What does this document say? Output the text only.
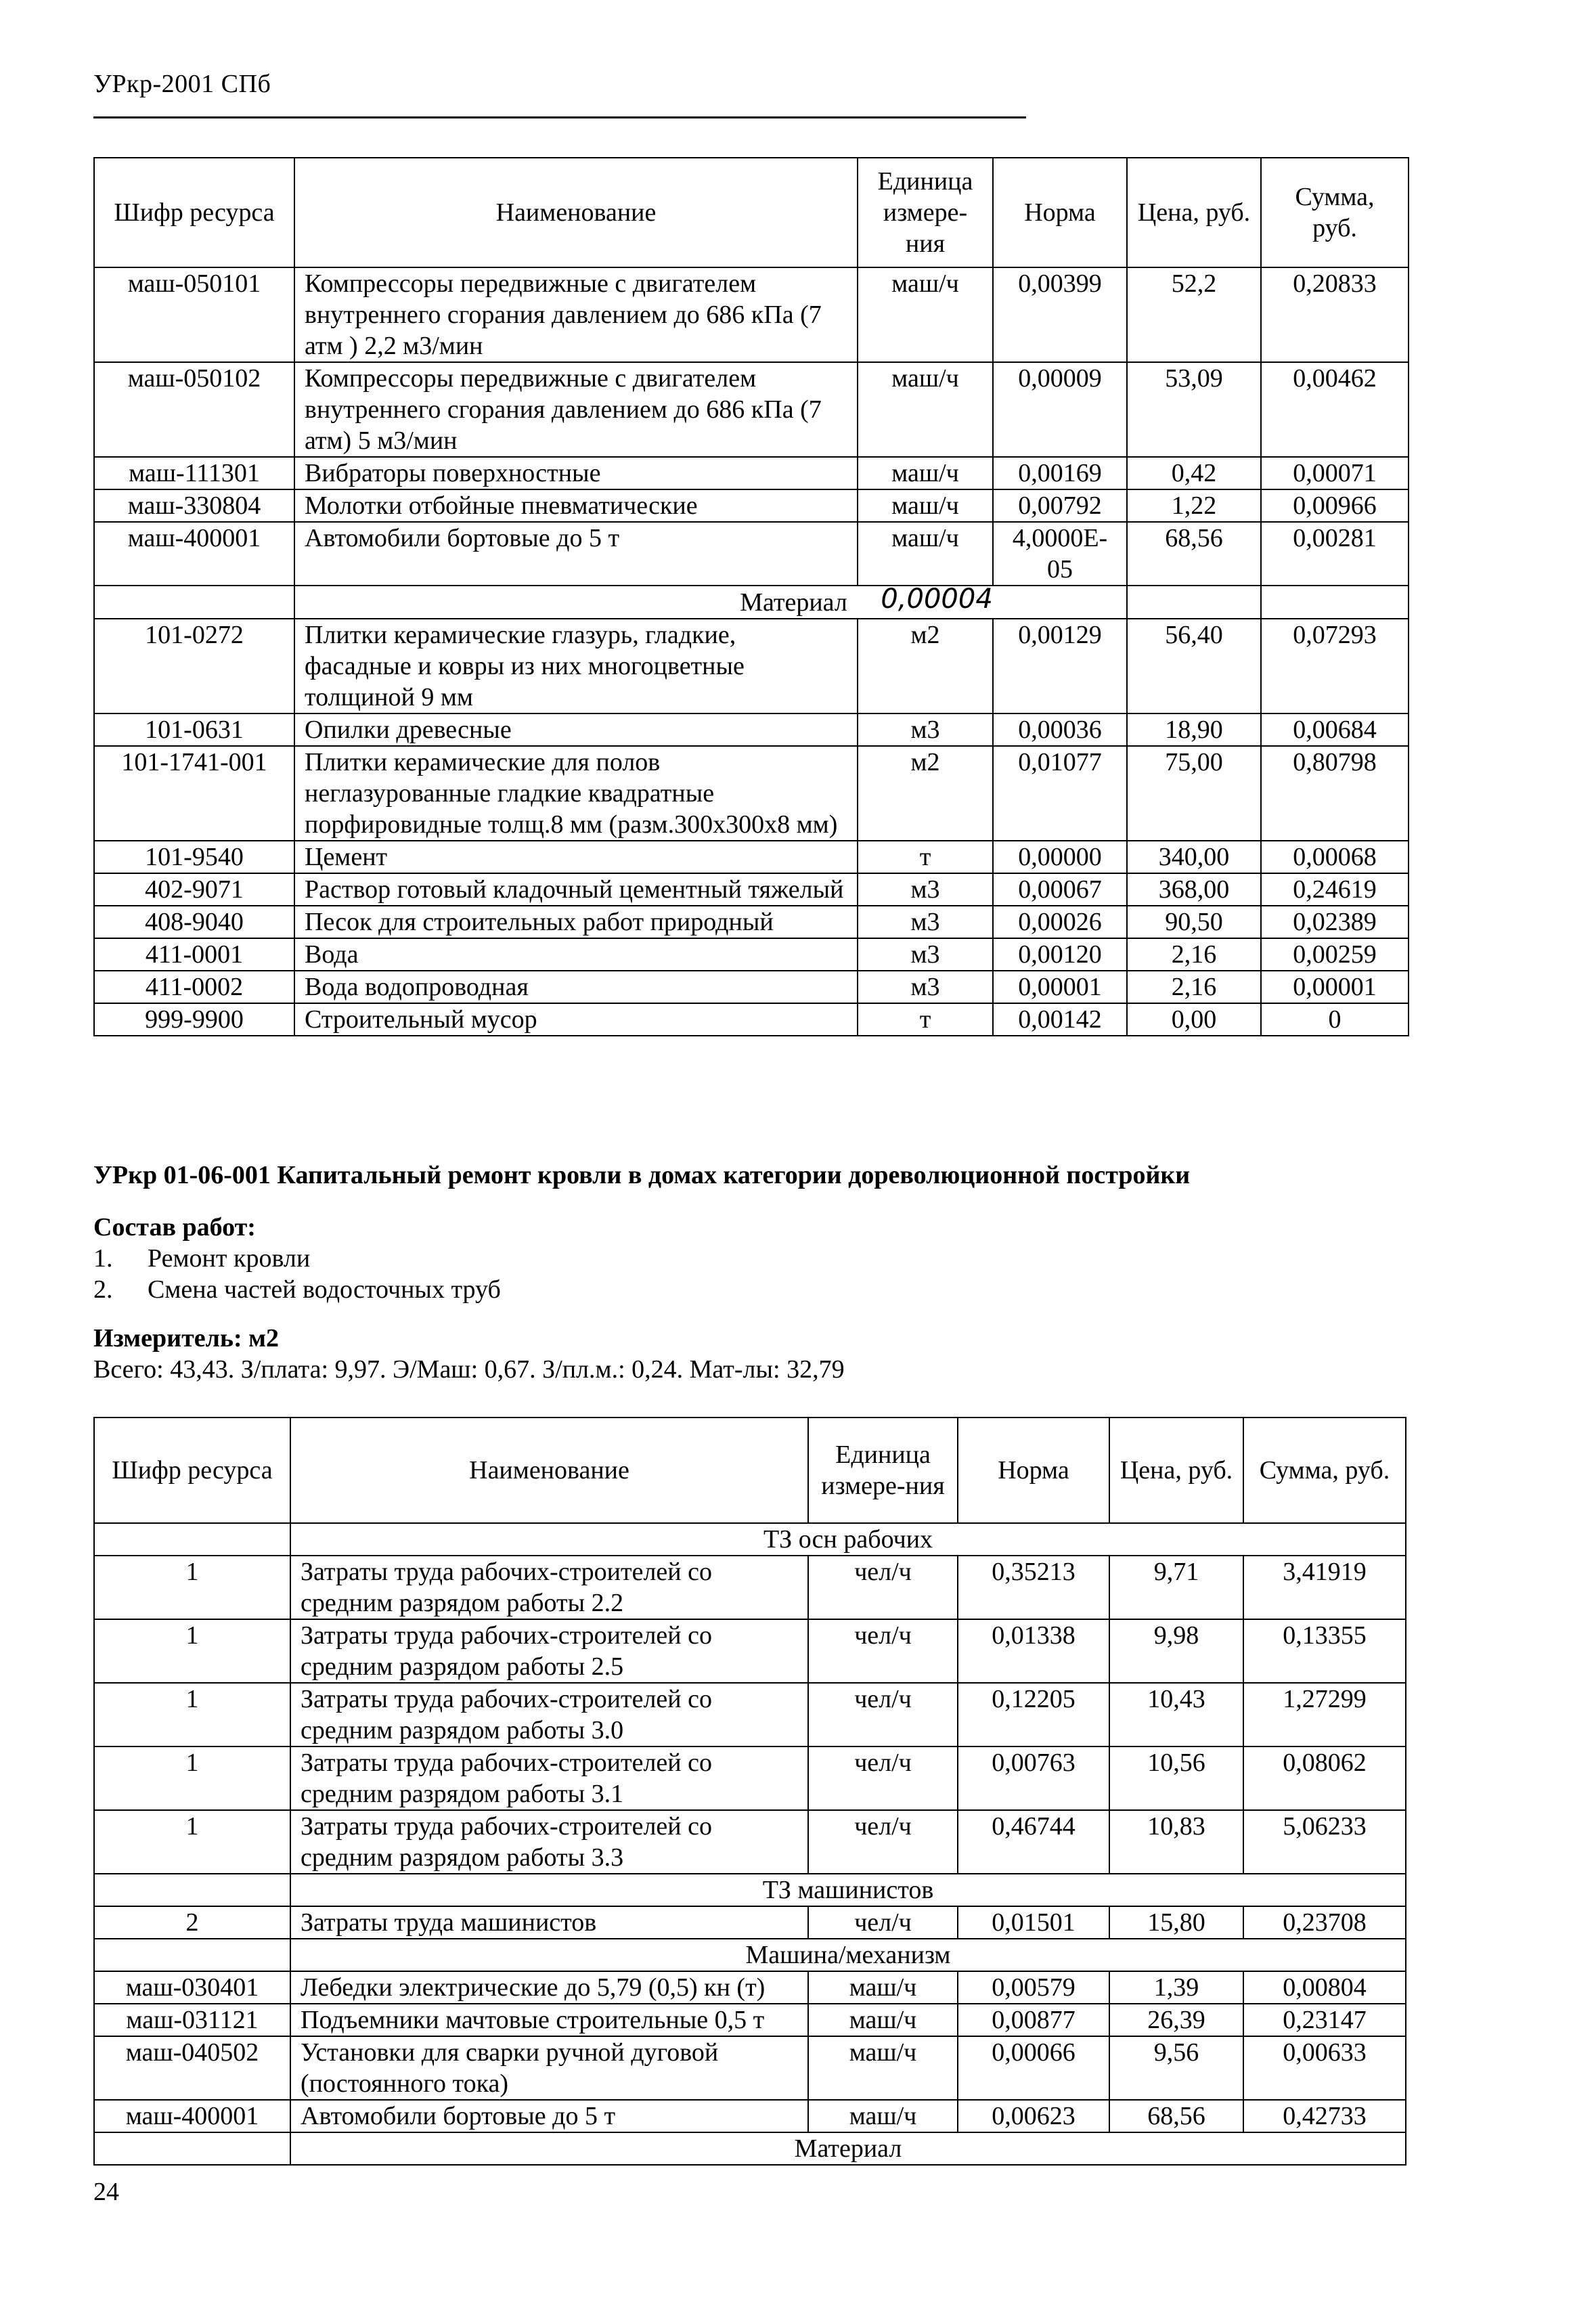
УРкр-2001 СПб
Шифр ресурса	Наименование	Единица измере-ния	Норма	Цена, руб.	Сумма, руб.
маш-050101	Компрессоры передвижные с двигателем внутреннего сгорания давлением до 686 кПа (7 атм ) 2,2 м3/мин	маш/ч	0,00399	52,2	0,20833
маш-050102	Компрессоры передвижные с двигателем внутреннего сгорания давлением до 686 кПа (7 атм) 5 м3/мин	маш/ч	0,00009	53,09	0,00462
маш-111301	Вибраторы поверхностные	маш/ч	0,00169	0,42	0,00071
маш-330804	Молотки отбойные пневматические	маш/ч	0,00792	1,22	0,00966
маш-400001	Автомобили бортовые до 5 т	маш/ч	4,0000E-05	68,56	0,00281
	Материал 0,00004				
101-0272	Плитки керамические глазурь, гладкие, фасадные и ковры из них многоцветные толщиной 9 мм	м2	0,00129	56,40	0,07293
101-0631	Опилки древесные	м3	0,00036	18,90	0,00684
101-1741-001	Плитки керамические для полов неглазурованные гладкие квадратные порфировидные толщ.8 мм (разм.300х300х8 мм)	м2	0,01077	75,00	0,80798
101-9540	Цемент	т	0,00000	340,00	0,00068
402-9071	Раствор готовый кладочный цементный тяжелый	м3	0,00067	368,00	0,24619
408-9040	Песок для строительных работ природный	м3	0,00026	90,50	0,02389
411-0001	Вода	м3	0,00120	2,16	0,00259
411-0002	Вода водопроводная	м3	0,00001	2,16	0,00001
999-9900	Строительный мусор	т	0,00142	0,00	0
УРкр 01-06-001 Капитальный ремонт кровли в домах категории дореволюционной постройки
Состав работ:
1.	Ремонт кровли
2.	Смена частей водосточных труб
Измеритель: м2
Всего: 43,43. З/плата: 9,97. Э/Маш: 0,67. З/пл.м.: 0,24. Мат-лы: 32,79
Шифр ресурса	Наименование	Единица измере-ния	Норма	Цена, руб.	Сумма, руб.
	ТЗ осн рабочих				
1	Затраты труда рабочих-строителей со средним разрядом работы 2.2	чел/ч	0,35213	9,71	3,41919
1	Затраты труда рабочих-строителей со средним разрядом работы 2.5	чел/ч	0,01338	9,98	0,13355
1	Затраты труда рабочих-строителей со средним разрядом работы 3.0	чел/ч	0,12205	10,43	1,27299
1	Затраты труда рабочих-строителей со средним разрядом работы 3.1	чел/ч	0,00763	10,56	0,08062
1	Затраты труда рабочих-строителей со средним разрядом работы 3.3	чел/ч	0,46744	10,83	5,06233
	ТЗ машинистов				
2	Затраты труда машинистов	чел/ч	0,01501	15,80	0,23708
	Машина/механизм				
маш-030401	Лебедки электрические до 5,79 (0,5) кн (т)	маш/ч	0,00579	1,39	0,00804
маш-031121	Подъемники мачтовые строительные 0,5 т	маш/ч	0,00877	26,39	0,23147
маш-040502	Установки для сварки ручной дуговой (постоянного тока)	маш/ч	0,00066	9,56	0,00633
маш-400001	Автомобили бортовые до 5 т	маш/ч	0,00623	68,56	0,42733
	Материал				
24
